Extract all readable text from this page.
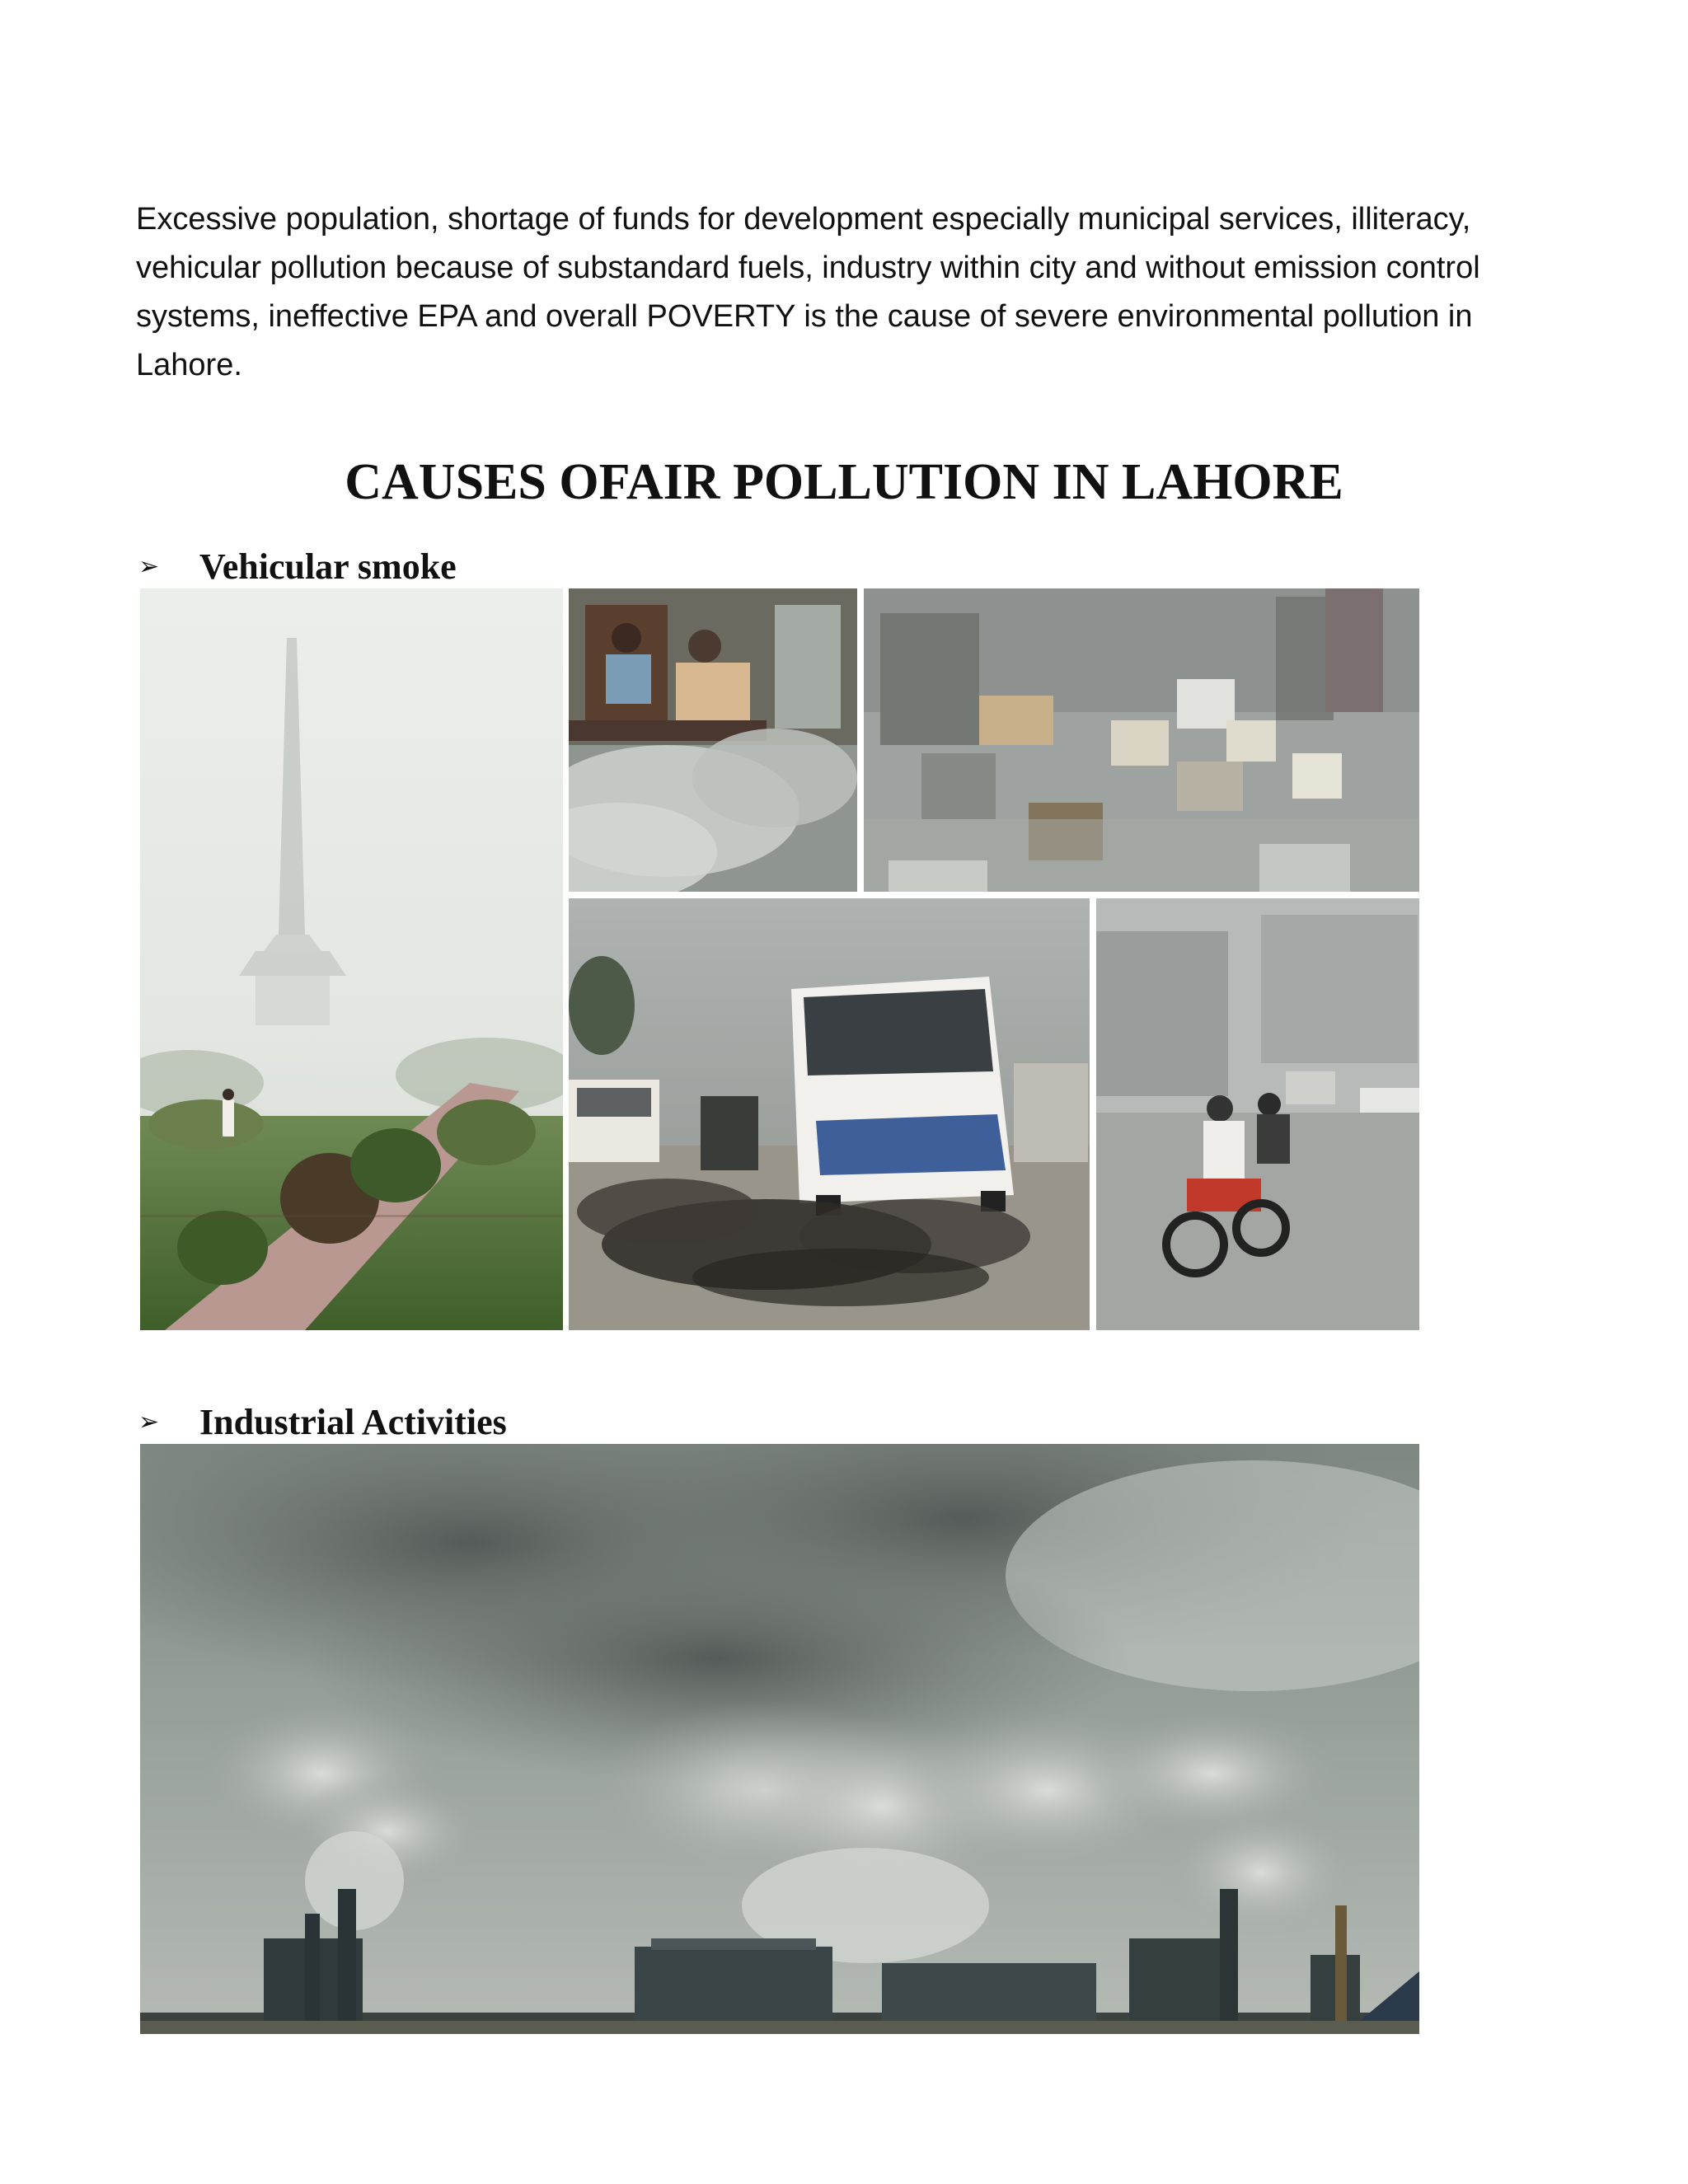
Excessive population, shortage of funds for development especially municipal services, illiteracy, vehicular pollution because of substandard fuels, industry within city and without emission control systems, ineffective EPA and overall POVERTY is the cause of severe environmental pollution in Lahore.

CAUSES OFAIR POLLUTION IN LAHORE
➢	Vehicular smoke
➢	Industrial Activities
